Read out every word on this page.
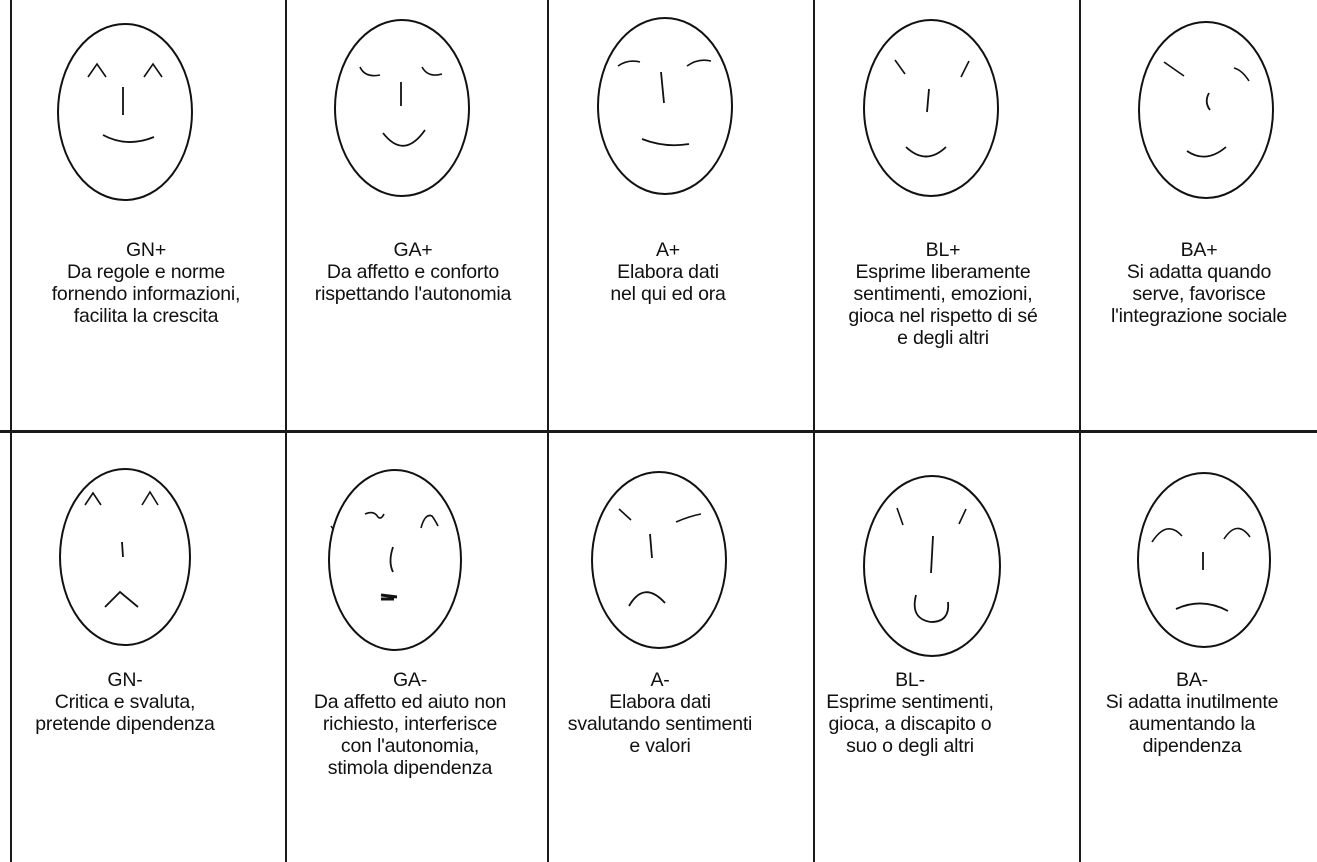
GN+
Da regole e norme
fornendo informazioni,
facilita la crescita
GA+
Da affetto e conforto
rispettando l'autonomia
A+
Elabora dati
nel qui ed ora
BL+
Esprime liberamente
sentimenti, emozioni,
gioca nel rispetto di sé
e degli altri
BA+
Si adatta quando
serve, favorisce
l'integrazione sociale
GN-
Critica e svaluta,
pretende dipendenza
GA-
Da affetto ed aiuto non
richiesto, interferisce
con l'autonomia,
stimola dipendenza
A-
Elabora dati
svalutando sentimenti
e valori
BL-
Esprime sentimenti,
gioca, a discapito o
suo o degli altri
BA-
Si adatta inutilmente
aumentando la
dipendenza
